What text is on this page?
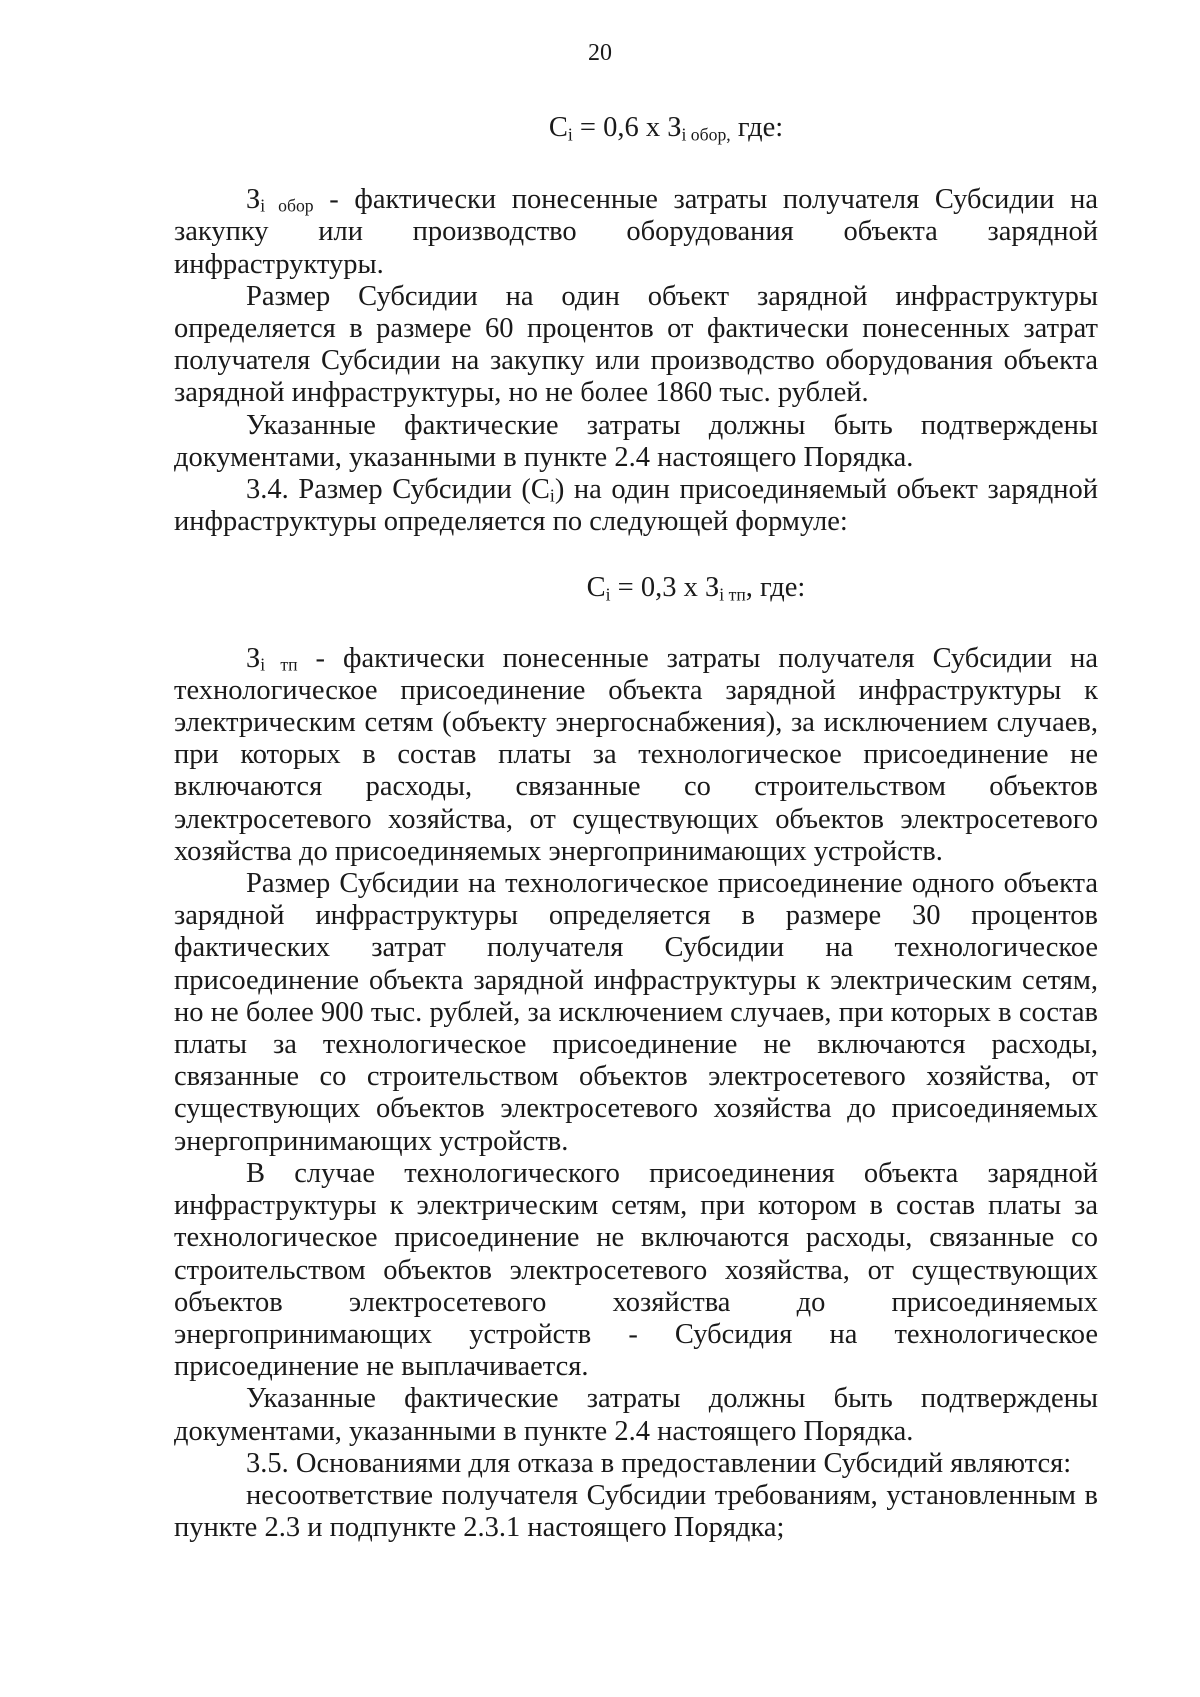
20

$C_i = 0,6$ х $З_{i обор,}$ где:

$З_{i обор}$ - фактически понесенные затраты получателя Субсидии на закупку или производство оборудования объекта зарядной инфраструктуры.

Размер Субсидии на один объект зарядной инфраструктуры определяется в размере 60 процентов от фактически понесенных затрат получателя Субсидии на закупку или производство оборудования объекта зарядной инфраструктуры, но не более 1860 тыс. рублей.

Указанные фактические затраты должны быть подтверждены документами, указанными в пункте 2.4 настоящего Порядка.

3.4. Размер Субсидии $(C_i)$ на один присоединяемый объект зарядной инфраструктуры определяется по следующей формуле:

$C_i = 0,3$ х $З_{i тп}$, где:

$З_{i тп}$ - фактически понесенные затраты получателя Субсидии на технологическое присоединение объекта зарядной инфраструктуры к электрическим сетям (объекту энергоснабжения), за исключением случаев, при которых в состав платы за технологическое присоединение не включаются расходы, связанные со строительством объектов электросетевого хозяйства, от существующих объектов электросетевого хозяйства до присоединяемых энергопринимающих устройств.

Размер Субсидии на технологическое присоединение одного объекта зарядной инфраструктуры определяется в размере 30 процентов фактических затрат получателя Субсидии на технологическое присоединение объекта зарядной инфраструктуры к электрическим сетям, но не более 900 тыс. рублей, за исключением случаев, при которых в состав платы за технологическое присоединение не включаются расходы, связанные со строительством объектов электросетевого хозяйства, от существующих объектов электросетевого хозяйства до присоединяемых энергопринимающих устройств.

В случае технологического присоединения объекта зарядной инфраструктуры к электрическим сетям, при котором в состав платы за технологическое присоединение не включаются расходы, связанные со строительством объектов электросетевого хозяйства, от существующих объектов электросетевого хозяйства до присоединяемых энергопринимающих устройств - Субсидия на технологическое присоединение не выплачивается.

Указанные фактические затраты должны быть подтверждены документами, указанными в пункте 2.4 настоящего Порядка.

3.5. Основаниями для отказа в предоставлении Субсидий являются:

несоответствие получателя Субсидии требованиям, установленным в пункте 2.3 и подпункте 2.3.1 настоящего Порядка;
